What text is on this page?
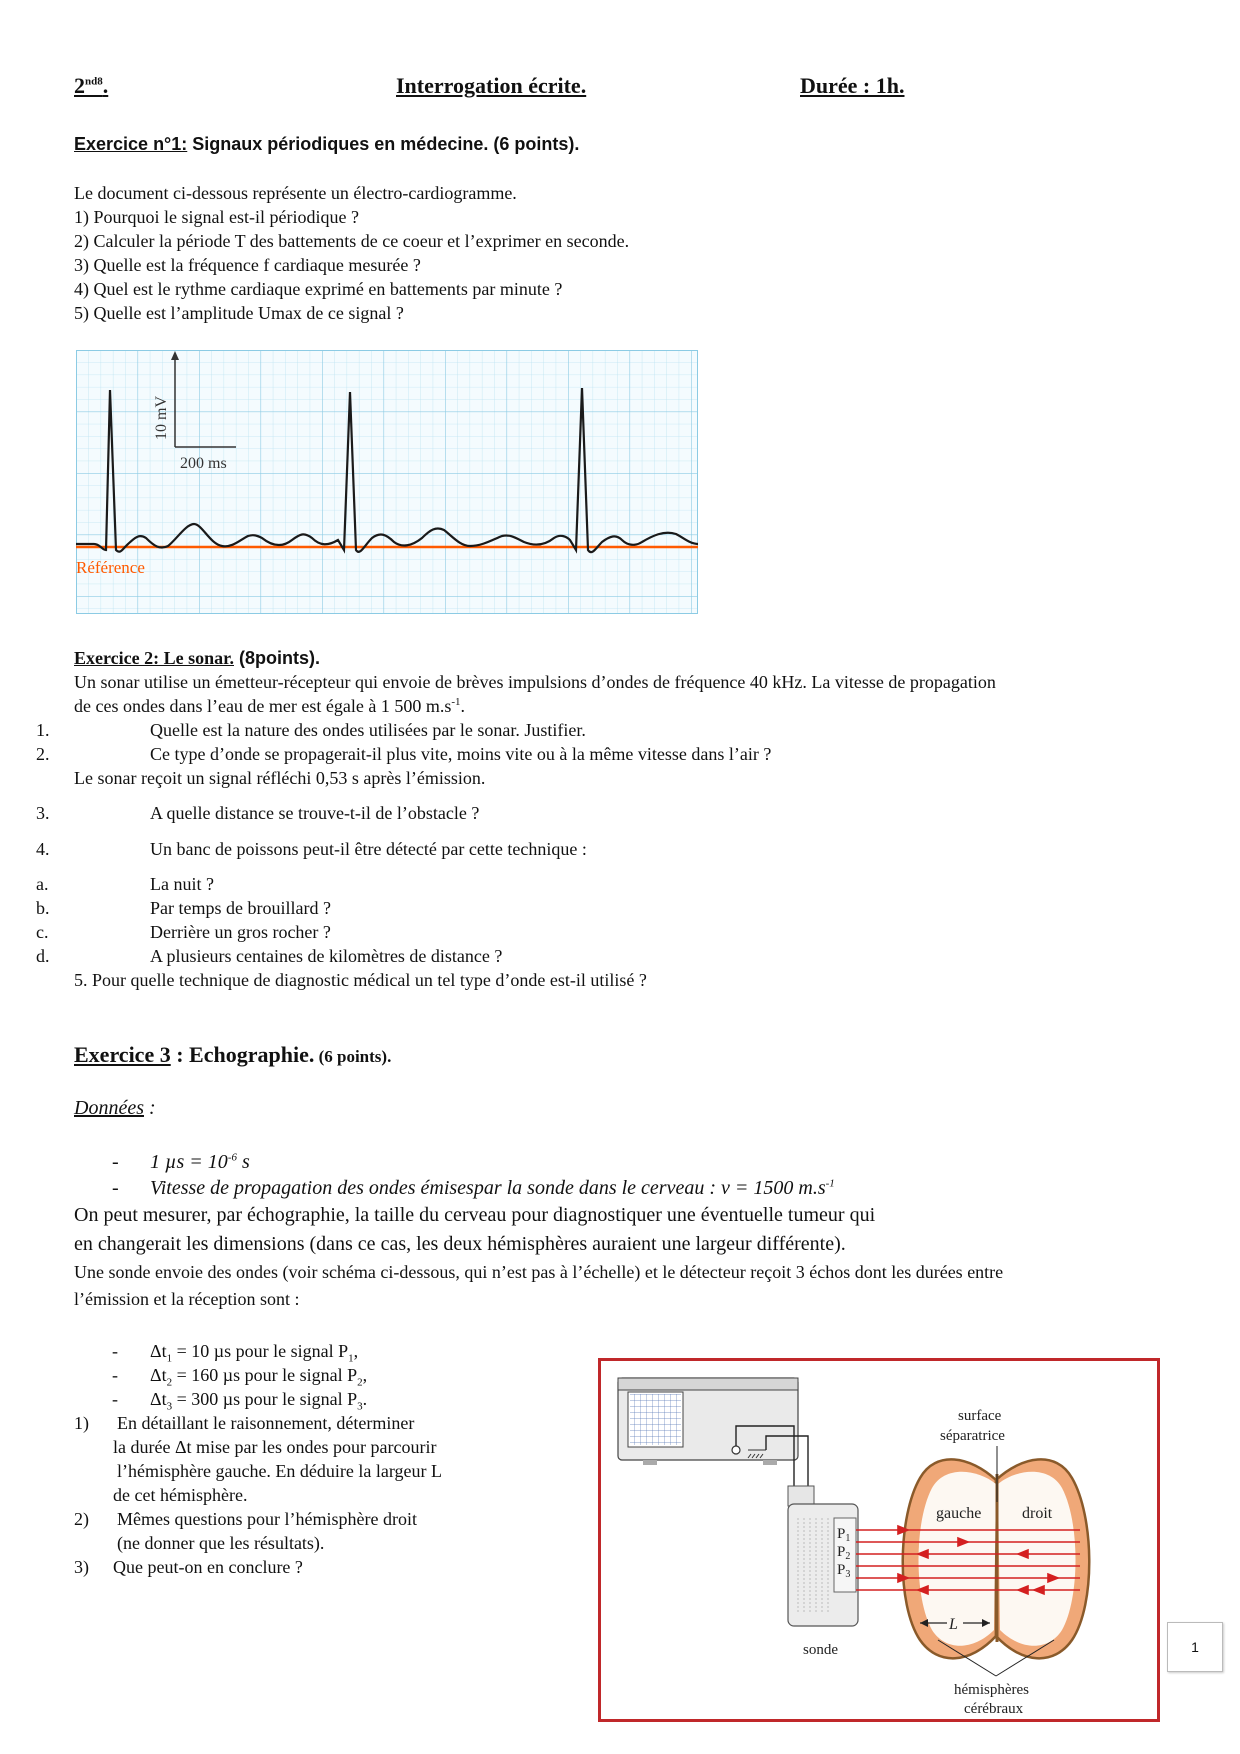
$2^{nd8}$.	Interrogation écrite.	Durée : 1h.
Exercice n°1: Signaux périodiques en médecine. (6 points).
Le document ci-dessous représente un électro-cardiogramme.
1) Pourquoi le signal est-il périodique ?
2) Calculer la période T des battements de ce coeur et l’exprimer en seconde.
3) Quelle est la fréquence f cardiaque mesurée ?
4) Quel est le rythme cardiaque exprimé en battements par minute ?
5) Quelle est l’amplitude Umax de ce signal ?
10 mV
200 ms
Référence
Exercice 2: Le sonar. (8points).
Un sonar utilise un émetteur-récepteur qui envoie de brèves impulsions d’ondes de fréquence 40 kHz. La vitesse de propagation
de ces ondes dans l’eau de mer est égale à 1 500 $m.s^{-1}$.
1.	Quelle est la nature des ondes utilisées par le sonar. Justifier.
2.	Ce type d’onde se propagerait-il plus vite, moins vite ou à la même vitesse dans l’air ?
Le sonar reçoit un signal réfléchi 0,53 s après l’émission.
3.	A quelle distance se trouve-t-il de l’obstacle ?
4.	Un banc de poissons peut-il être détecté par cette technique :
a.	La nuit ?
b.	Par temps de brouillard ?
c.	Derrière un gros rocher ?
d.	A plusieurs centaines de kilomètres de distance ?
5. Pour quelle technique de diagnostic médical un tel type d’onde est-il utilisé ?
Exercice 3 : Echographie. (6 points).
Données :
- 1 $\mu s = 10^{-6}$ s
- Vitesse de propagation des ondes émisespar la sonde dans le cerveau : v = 1500 $m.s^{-1}$
On peut mesurer, par échographie, la taille du cerveau pour diagnostiquer une éventuelle tumeur qui
en changerait les dimensions (dans ce cas, les deux hémisphères auraient une largeur différente).
Une sonde envoie des ondes (voir schéma ci-dessous, qui n’est pas à l’échelle) et le détecteur reçoit 3 échos dont les durées entre
l’émission et la réception sont :
- $\Delta t_1 = 10$ µs pour le signal $P_1$,
- $\Delta t_2 = 160$ µs pour le signal $P_2$,
- $\Delta t_3 = 300$ µs pour le signal $P_3$.
1) En détaillant le raisonnement, déterminer
la durée Δt mise par les ondes pour parcourir
l’hémisphère gauche. En déduire la largeur L
de cet hémisphère.
2) Mêmes questions pour l’hémisphère droit
(ne donner que les résultats).
3) Que peut-on en conclure ?
$P_1$
$P_2$
$P_3$
sonde
L
gauche	droit
surface
séparatrice
hémisphères
cérébraux
1
